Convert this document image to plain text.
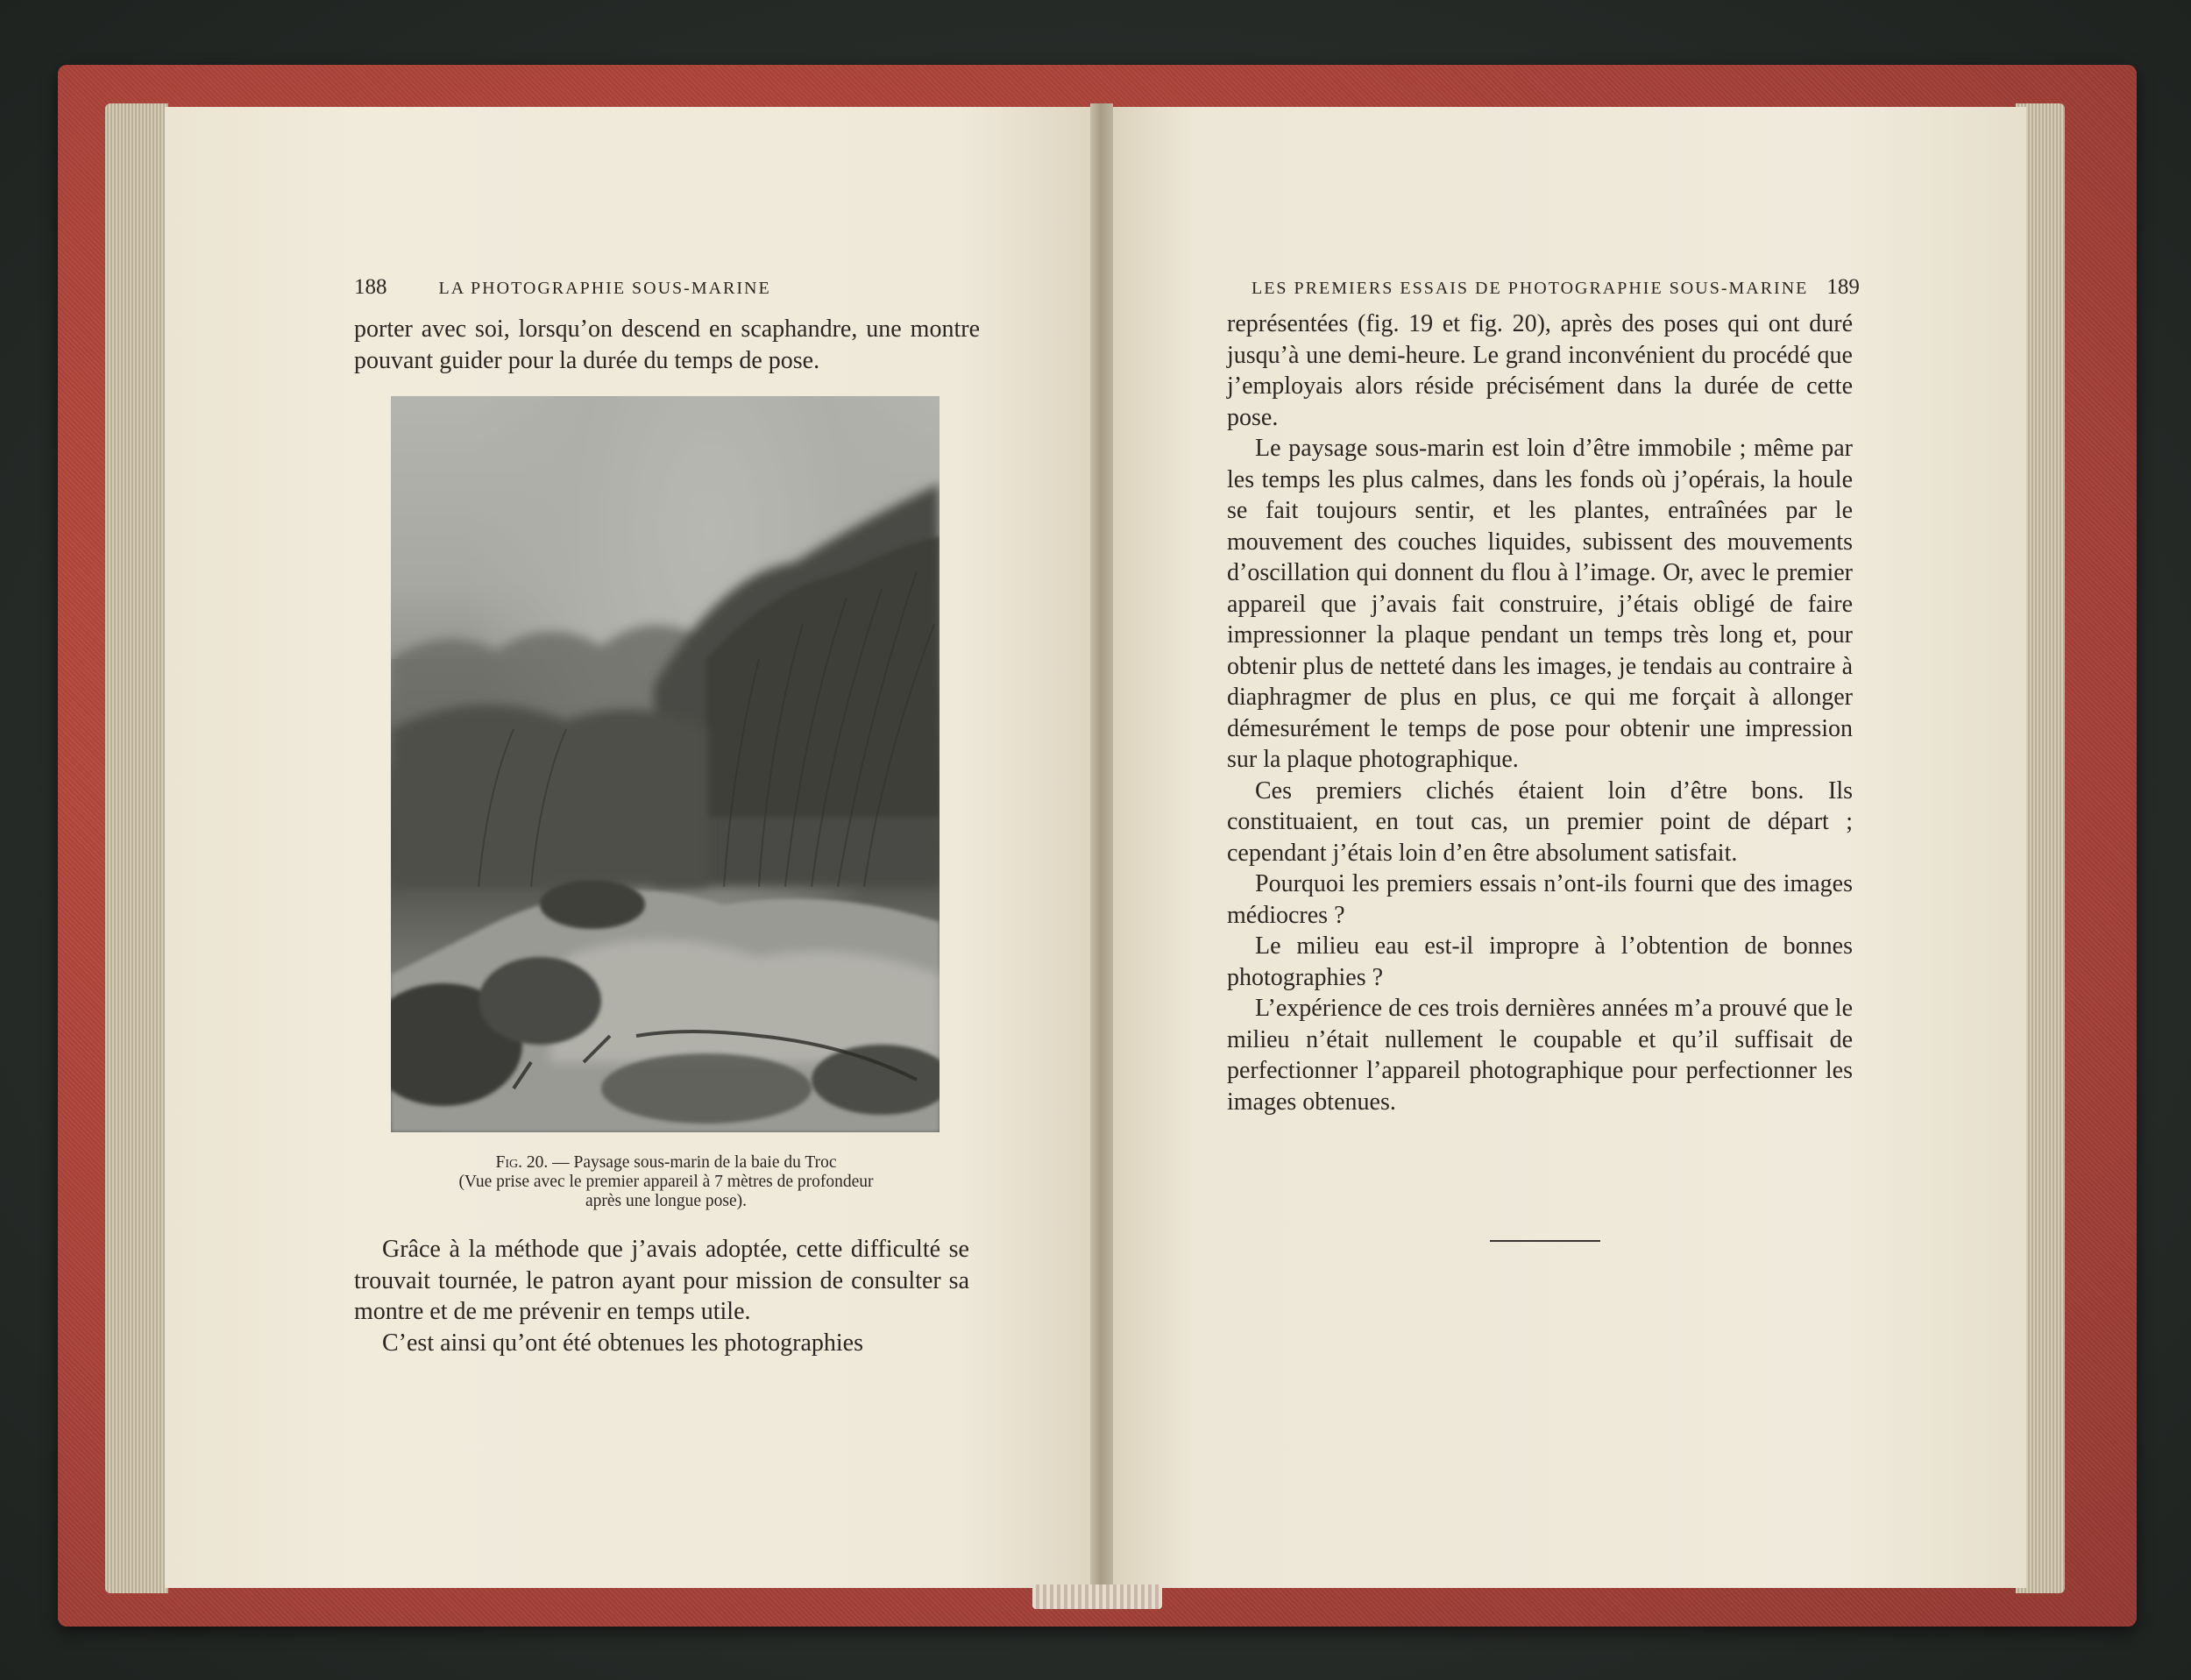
188	LA PHOTOGRAPHIE SOUS-MARINE

porter avec soi, lorsqu’on descend en scaphandre, une montre pouvant guider pour la durée du temps de pose.

Fig. 20. — Paysage sous-marin de la baie du Troc
(Vue prise avec le premier appareil à 7 mètres de profondeur
après une longue pose).

Grâce à la méthode que j’avais adoptée, cette difficulté se trouvait tournée, le patron ayant pour mission de consulter sa montre et de me prévenir en temps utile.

C’est ainsi qu’ont été obtenues les photographies

LES PREMIERS ESSAIS DE PHOTOGRAPHIE SOUS-MARINE 189

représentées (fig. 19 et fig. 20), après des poses qui ont duré jusqu’à une demi-heure. Le grand inconvénient du procédé que j’employais alors réside précisément dans la durée de cette pose.

Le paysage sous-marin est loin d’être immobile ; même par les temps les plus calmes, dans les fonds où j’opérais, la houle se fait toujours sentir, et les plantes, entraînées par le mouvement des couches liquides, subissent des mouvements d’oscillation qui donnent du flou à l’image. Or, avec le premier appareil que j’avais fait construire, j’étais obligé de faire impressionner la plaque pendant un temps très long et, pour obtenir plus de netteté dans les images, je tendais au contraire à diaphragmer de plus en plus, ce qui me forçait à allonger démesurément le temps de pose pour obtenir une impression sur la plaque photographique.

Ces premiers clichés étaient loin d’être bons. Ils constituaient, en tout cas, un premier point de départ ; cependant j’étais loin d’en être absolument satisfait.

Pourquoi les premiers essais n’ont-ils fourni que des images médiocres ?

Le milieu eau est-il impropre à l’obtention de bonnes photographies ?

L’expérience de ces trois dernières années m’a prouvé que le milieu n’était nullement le coupable et qu’il suffisait de perfectionner l’appareil photographique pour perfectionner les images obtenues.
